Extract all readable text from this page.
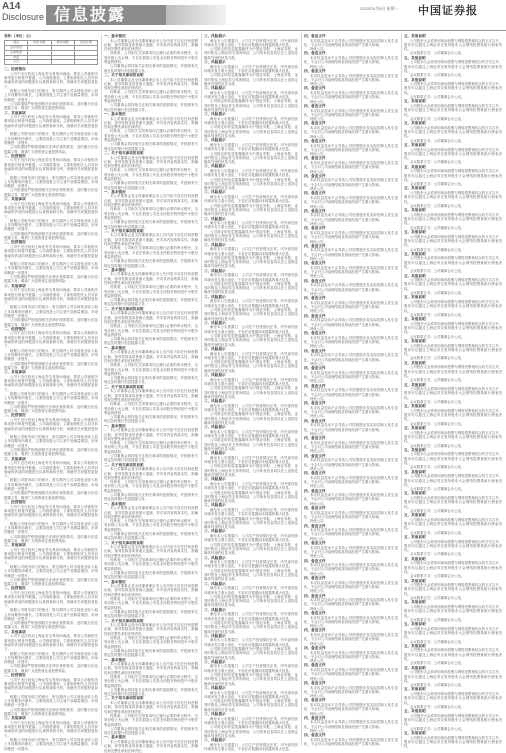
A14
Disclosure 信息披露	2023年6月5日 星期一 中国证券报
表格：(单位：元)
项目	期末余额	期初余额	变动比例
货币资金			
应收账款			
存货			
合计			

二、经营情况

公司于近日收到上海证券交易所问询函，要求公司就相关事项进行核查并披露。公司高度重视，立即组织相关人员对问询函所涉及的问题进行认真核查和分析，现就有关问题回复如下。

根据公司财务部门的统计，报告期内公司实现营业收入较上年同期有所增长，主要原因是公司主营产品销量增加，市场份额进一步提升。

公司将继续严格按照相关法律法规的要求，及时履行信息披露义务，敬请广大投资者注意投资风险。

三、其他事项

公司于近日收到上海证券交易所问询函，要求公司就相关事项进行核查并披露。公司高度重视，立即组织相关人员对问询函所涉及的问题进行认真核查和分析，现就有关问题回复如下。

根据公司财务部门的统计，报告期内公司实现营业收入较上年同期有所增长，主要原因是公司主营产品销量增加，市场份额进一步提升。

公司将继续严格按照相关法律法规的要求，及时履行信息披露义务，敬请广大投资者注意投资风险。

二、经营情况

公司于近日收到上海证券交易所问询函，要求公司就相关事项进行核查并披露。公司高度重视，立即组织相关人员对问询函所涉及的问题进行认真核查和分析，现就有关问题回复如下。

根据公司财务部门的统计，报告期内公司实现营业收入较上年同期有所增长，主要原因是公司主营产品销量增加，市场份额进一步提升。

公司将继续严格按照相关法律法规的要求，及时履行信息披露义务，敬请广大投资者注意投资风险。

三、其他事项

公司于近日收到上海证券交易所问询函，要求公司就相关事项进行核查并披露。公司高度重视，立即组织相关人员对问询函所涉及的问题进行认真核查和分析，现就有关问题回复如下。

根据公司财务部门的统计，报告期内公司实现营业收入较上年同期有所增长，主要原因是公司主营产品销量增加，市场份额进一步提升。

公司将继续严格按照相关法律法规的要求，及时履行信息披露义务，敬请广大投资者注意投资风险。

二、经营情况

公司于近日收到上海证券交易所问询函，要求公司就相关事项进行核查并披露。公司高度重视，立即组织相关人员对问询函所涉及的问题进行认真核查和分析，现就有关问题回复如下。

根据公司财务部门的统计，报告期内公司实现营业收入较上年同期有所增长，主要原因是公司主营产品销量增加，市场份额进一步提升。

公司将继续严格按照相关法律法规的要求，及时履行信息披露义务，敬请广大投资者注意投资风险。

三、其他事项

公司于近日收到上海证券交易所问询函，要求公司就相关事项进行核查并披露。公司高度重视，立即组织相关人员对问询函所涉及的问题进行认真核查和分析，现就有关问题回复如下。

根据公司财务部门的统计，报告期内公司实现营业收入较上年同期有所增长，主要原因是公司主营产品销量增加，市场份额进一步提升。

公司将继续严格按照相关法律法规的要求，及时履行信息披露义务，敬请广大投资者注意投资风险。

二、经营情况

公司于近日收到上海证券交易所问询函，要求公司就相关事项进行核查并披露。公司高度重视，立即组织相关人员对问询函所涉及的问题进行认真核查和分析，现就有关问题回复如下。

根据公司财务部门的统计，报告期内公司实现营业收入较上年同期有所增长，主要原因是公司主营产品销量增加，市场份额进一步提升。

公司将继续严格按照相关法律法规的要求，及时履行信息披露义务，敬请广大投资者注意投资风险。

三、其他事项

公司于近日收到上海证券交易所问询函，要求公司就相关事项进行核查并披露。公司高度重视，立即组织相关人员对问询函所涉及的问题进行认真核查和分析，现就有关问题回复如下。

根据公司财务部门的统计，报告期内公司实现营业收入较上年同期有所增长，主要原因是公司主营产品销量增加，市场份额进一步提升。

公司将继续严格按照相关法律法规的要求，及时履行信息披露义务，敬请广大投资者注意投资风险。

二、经营情况

公司于近日收到上海证券交易所问询函，要求公司就相关事项进行核查并披露。公司高度重视，立即组织相关人员对问询函所涉及的问题进行认真核查和分析，现就有关问题回复如下。

根据公司财务部门的统计，报告期内公司实现营业收入较上年同期有所增长，主要原因是公司主营产品销量增加，市场份额进一步提升。

公司将继续严格按照相关法律法规的要求，及时履行信息披露义务，敬请广大投资者注意投资风险。

三、其他事项

公司于近日收到上海证券交易所问询函，要求公司就相关事项进行核查并披露。公司高度重视，立即组织相关人员对问询函所涉及的问题进行认真核查和分析，现就有关问题回复如下。

根据公司财务部门的统计，报告期内公司实现营业收入较上年同期有所增长，主要原因是公司主营产品销量增加，市场份额进一步提升。

公司将继续严格按照相关法律法规的要求，及时履行信息披露义务，敬请广大投资者注意投资风险。

二、经营情况

公司于近日收到上海证券交易所问询函，要求公司就相关事项进行核查并披露。公司高度重视，立即组织相关人员对问询函所涉及的问题进行认真核查和分析，现就有关问题回复如下。

根据公司财务部门的统计，报告期内公司实现营业收入较上年同期有所增长，主要原因是公司主营产品销量增加，市场份额进一步提升。

公司将继续严格按照相关法律法规的要求，及时履行信息披露义务，敬请广大投资者注意投资风险。

三、其他事项

公司于近日收到上海证券交易所问询函，要求公司就相关事项进行核查并披露。公司高度重视，立即组织相关人员对问询函所涉及的问题进行认真核查和分析，现就有关问题回复如下。

根据公司财务部门的统计，报告期内公司实现营业收入较上年同期有所增长，主要原因是公司主营产品销量增加，市场份额进一步提升。

公司将继续严格按照相关法律法规的要求，及时履行信息披露义务，敬请广大投资者注意投资风险。

二、经营情况

公司于近日收到上海证券交易所问询函，要求公司就相关事项进行核查并披露。公司高度重视，立即组织相关人员对问询函所涉及的问题进行认真核查和分析，现就有关问题回复如下。

根据公司财务部门的统计，报告期内公司实现营业收入较上年同期有所增长，主要原因是公司主营产品销量增加，市场份额进一步提升。

公司将继续严格按照相关法律法规的要求，及时履行信息披露义务，敬请广大投资者注意投资风险。

三、其他事项

公司于近日收到上海证券交易所问询函，要求公司就相关事项进行核查并披露。公司高度重视，立即组织相关人员对问询函所涉及的问题进行认真核查和分析，现就有关问题回复如下。

根据公司财务部门的统计，报告期内公司实现营业收入较上年同期有所增长，主要原因是公司主营产品销量增加，市场份额进一步提升。

公司将继续严格按照相关法律法规的要求，及时履行信息披露义务，敬请广大投资者注意投资风险。

二、经营情况

公司于近日收到上海证券交易所问询函，要求公司就相关事项进行核查并披露。公司高度重视，立即组织相关人员对问询函所涉及的问题进行认真核查和分析，现就有关问题回复如下。

根据公司财务部门的统计，报告期内公司实现营业收入较上年同期有所增长，主要原因是公司主营产品销量增加，市场份额进一步提升。

公司将继续严格按照相关法律法规的要求，及时履行信息披露义务，敬请广大投资者注意投资风险。

三、其他事项

公司于近日收到上海证券交易所问询函，要求公司就相关事项进行核查并披露。公司高度重视，立即组织相关人员对问询函所涉及的问题进行认真核查和分析，现就有关问题回复如下。

根据公司财务部门的统计，报告期内公司实现营业收入较上年同期有所增长，主要原因是公司主营产品销量增加，市场份额进一步提升。

一、基本情况

本公司董事会及全体董事保证本公告内容不存在任何虚假记载、误导性陈述或者重大遗漏，并对其内容的真实性、准确性和完整性承担法律责任。

经核查，公司相关交易事项均已履行必要的审议程序，交易价格公允合理，不存在损害公司及全体股东特别是中小股东利益的情形。

公司董事会将持续关注相关事项的进展情况，并按照有关规定及时履行信息披露义务。

二、关于相关事项的说明

本公司董事会及全体董事保证本公告内容不存在任何虚假记载、误导性陈述或者重大遗漏，并对其内容的真实性、准确性和完整性承担法律责任。

经核查，公司相关交易事项均已履行必要的审议程序，交易价格公允合理，不存在损害公司及全体股东特别是中小股东利益的情形。

公司董事会将持续关注相关事项的进展情况，并按照有关规定及时履行信息披露义务。

一、基本情况

本公司董事会及全体董事保证本公告内容不存在任何虚假记载、误导性陈述或者重大遗漏，并对其内容的真实性、准确性和完整性承担法律责任。

经核查，公司相关交易事项均已履行必要的审议程序，交易价格公允合理，不存在损害公司及全体股东特别是中小股东利益的情形。

公司董事会将持续关注相关事项的进展情况，并按照有关规定及时履行信息披露义务。

二、关于相关事项的说明

本公司董事会及全体董事保证本公告内容不存在任何虚假记载、误导性陈述或者重大遗漏，并对其内容的真实性、准确性和完整性承担法律责任。

经核查，公司相关交易事项均已履行必要的审议程序，交易价格公允合理，不存在损害公司及全体股东特别是中小股东利益的情形。

公司董事会将持续关注相关事项的进展情况，并按照有关规定及时履行信息披露义务。

一、基本情况

本公司董事会及全体董事保证本公告内容不存在任何虚假记载、误导性陈述或者重大遗漏，并对其内容的真实性、准确性和完整性承担法律责任。

经核查，公司相关交易事项均已履行必要的审议程序，交易价格公允合理，不存在损害公司及全体股东特别是中小股东利益的情形。

公司董事会将持续关注相关事项的进展情况，并按照有关规定及时履行信息披露义务。

二、关于相关事项的说明

本公司董事会及全体董事保证本公告内容不存在任何虚假记载、误导性陈述或者重大遗漏，并对其内容的真实性、准确性和完整性承担法律责任。

经核查，公司相关交易事项均已履行必要的审议程序，交易价格公允合理，不存在损害公司及全体股东特别是中小股东利益的情形。

公司董事会将持续关注相关事项的进展情况，并按照有关规定及时履行信息披露义务。

一、基本情况

本公司董事会及全体董事保证本公告内容不存在任何虚假记载、误导性陈述或者重大遗漏，并对其内容的真实性、准确性和完整性承担法律责任。

经核查，公司相关交易事项均已履行必要的审议程序，交易价格公允合理，不存在损害公司及全体股东特别是中小股东利益的情形。

公司董事会将持续关注相关事项的进展情况，并按照有关规定及时履行信息披露义务。

二、关于相关事项的说明

本公司董事会及全体董事保证本公告内容不存在任何虚假记载、误导性陈述或者重大遗漏，并对其内容的真实性、准确性和完整性承担法律责任。

经核查，公司相关交易事项均已履行必要的审议程序，交易价格公允合理，不存在损害公司及全体股东特别是中小股东利益的情形。

公司董事会将持续关注相关事项的进展情况，并按照有关规定及时履行信息披露义务。

一、基本情况

本公司董事会及全体董事保证本公告内容不存在任何虚假记载、误导性陈述或者重大遗漏，并对其内容的真实性、准确性和完整性承担法律责任。

经核查，公司相关交易事项均已履行必要的审议程序，交易价格公允合理，不存在损害公司及全体股东特别是中小股东利益的情形。

公司董事会将持续关注相关事项的进展情况，并按照有关规定及时履行信息披露义务。

二、关于相关事项的说明

本公司董事会及全体董事保证本公告内容不存在任何虚假记载、误导性陈述或者重大遗漏，并对其内容的真实性、准确性和完整性承担法律责任。

经核查，公司相关交易事项均已履行必要的审议程序，交易价格公允合理，不存在损害公司及全体股东特别是中小股东利益的情形。

公司董事会将持续关注相关事项的进展情况，并按照有关规定及时履行信息披露义务。

一、基本情况

本公司董事会及全体董事保证本公告内容不存在任何虚假记载、误导性陈述或者重大遗漏，并对其内容的真实性、准确性和完整性承担法律责任。

经核查，公司相关交易事项均已履行必要的审议程序，交易价格公允合理，不存在损害公司及全体股东特别是中小股东利益的情形。

公司董事会将持续关注相关事项的进展情况，并按照有关规定及时履行信息披露义务。

二、关于相关事项的说明

本公司董事会及全体董事保证本公告内容不存在任何虚假记载、误导性陈述或者重大遗漏，并对其内容的真实性、准确性和完整性承担法律责任。

经核查，公司相关交易事项均已履行必要的审议程序，交易价格公允合理，不存在损害公司及全体股东特别是中小股东利益的情形。

公司董事会将持续关注相关事项的进展情况，并按照有关规定及时履行信息披露义务。

一、基本情况

本公司董事会及全体董事保证本公告内容不存在任何虚假记载、误导性陈述或者重大遗漏，并对其内容的真实性、准确性和完整性承担法律责任。

经核查，公司相关交易事项均已履行必要的审议程序，交易价格公允合理，不存在损害公司及全体股东特别是中小股东利益的情形。

公司董事会将持续关注相关事项的进展情况，并按照有关规定及时履行信息披露义务。

二、关于相关事项的说明

本公司董事会及全体董事保证本公告内容不存在任何虚假记载、误导性陈述或者重大遗漏，并对其内容的真实性、准确性和完整性承担法律责任。

经核查，公司相关交易事项均已履行必要的审议程序，交易价格公允合理，不存在损害公司及全体股东特别是中小股东利益的情形。

公司董事会将持续关注相关事项的进展情况，并按照有关规定及时履行信息披露义务。

一、基本情况

本公司董事会及全体董事保证本公告内容不存在任何虚假记载、误导性陈述或者重大遗漏，并对其内容的真实性、准确性和完整性承担法律责任。

经核查，公司相关交易事项均已履行必要的审议程序，交易价格公允合理，不存在损害公司及全体股东特别是中小股东利益的情形。

公司董事会将持续关注相关事项的进展情况，并按照有关规定及时履行信息披露义务。

二、关于相关事项的说明

本公司董事会及全体董事保证本公告内容不存在任何虚假记载、误导性陈述或者重大遗漏，并对其内容的真实性、准确性和完整性承担法律责任。

经核查，公司相关交易事项均已履行必要的审议程序，交易价格公允合理，不存在损害公司及全体股东特别是中小股东利益的情形。

公司董事会将持续关注相关事项的进展情况，并按照有关规定及时履行信息披露义务。

一、基本情况

本公司董事会及全体董事保证本公告内容不存在任何虚假记载、误导性陈述或者重大遗漏，并对其内容的真实性、准确性和完整性承担法律责任。

经核查，公司相关交易事项均已履行必要的审议程序，交易价格公允合理，不存在损害公司及全体股东特别是中小股东利益的情形。

公司董事会将持续关注相关事项的进展情况，并按照有关规定及时履行信息披露义务。

二、关于相关事项的说明

本公司董事会及全体董事保证本公告内容不存在任何虚假记载、误导性陈述或者重大遗漏，并对其内容的真实性、准确性和完整性承担法律责任。

经核查，公司相关交易事项均已履行必要的审议程序，交易价格公允合理，不存在损害公司及全体股东特别是中小股东利益的情形。

公司董事会将持续关注相关事项的进展情况，并按照有关规定及时履行信息披露义务。

一、基本情况

本公司董事会及全体董事保证本公告内容不存在任何虚假记载、误导性陈述或者重大遗漏，并对其内容的真实性、准确性和完整性承担法律责任。

三、风险提示

截至本公告披露日，公司生产经营情况正常，内外部经营环境未发生重大变化，不存在应披露而未披露的重大信息。

公司指定的信息披露媒体为中国证券报、上海证券报、证券时报及上海证券交易所网站，公司所有信息均以在上述指定媒体刊登的信息为准。

三、风险提示

截至本公告披露日，公司生产经营情况正常，内外部经营环境未发生重大变化，不存在应披露而未披露的重大信息。

公司指定的信息披露媒体为中国证券报、上海证券报、证券时报及上海证券交易所网站，公司所有信息均以在上述指定媒体刊登的信息为准。

三、风险提示

截至本公告披露日，公司生产经营情况正常，内外部经营环境未发生重大变化，不存在应披露而未披露的重大信息。

公司指定的信息披露媒体为中国证券报、上海证券报、证券时报及上海证券交易所网站，公司所有信息均以在上述指定媒体刊登的信息为准。

三、风险提示

截至本公告披露日，公司生产经营情况正常，内外部经营环境未发生重大变化，不存在应披露而未披露的重大信息。

公司指定的信息披露媒体为中国证券报、上海证券报、证券时报及上海证券交易所网站，公司所有信息均以在上述指定媒体刊登的信息为准。

三、风险提示

截至本公告披露日，公司生产经营情况正常，内外部经营环境未发生重大变化，不存在应披露而未披露的重大信息。

公司指定的信息披露媒体为中国证券报、上海证券报、证券时报及上海证券交易所网站，公司所有信息均以在上述指定媒体刊登的信息为准。

三、风险提示

截至本公告披露日，公司生产经营情况正常，内外部经营环境未发生重大变化，不存在应披露而未披露的重大信息。

公司指定的信息披露媒体为中国证券报、上海证券报、证券时报及上海证券交易所网站，公司所有信息均以在上述指定媒体刊登的信息为准。

三、风险提示

截至本公告披露日，公司生产经营情况正常，内外部经营环境未发生重大变化，不存在应披露而未披露的重大信息。

公司指定的信息披露媒体为中国证券报、上海证券报、证券时报及上海证券交易所网站，公司所有信息均以在上述指定媒体刊登的信息为准。

三、风险提示

截至本公告披露日，公司生产经营情况正常，内外部经营环境未发生重大变化，不存在应披露而未披露的重大信息。

公司指定的信息披露媒体为中国证券报、上海证券报、证券时报及上海证券交易所网站，公司所有信息均以在上述指定媒体刊登的信息为准。

三、风险提示

截至本公告披露日，公司生产经营情况正常，内外部经营环境未发生重大变化，不存在应披露而未披露的重大信息。

公司指定的信息披露媒体为中国证券报、上海证券报、证券时报及上海证券交易所网站，公司所有信息均以在上述指定媒体刊登的信息为准。

三、风险提示

截至本公告披露日，公司生产经营情况正常，内外部经营环境未发生重大变化，不存在应披露而未披露的重大信息。

公司指定的信息披露媒体为中国证券报、上海证券报、证券时报及上海证券交易所网站，公司所有信息均以在上述指定媒体刊登的信息为准。

三、风险提示

截至本公告披露日，公司生产经营情况正常，内外部经营环境未发生重大变化，不存在应披露而未披露的重大信息。

公司指定的信息披露媒体为中国证券报、上海证券报、证券时报及上海证券交易所网站，公司所有信息均以在上述指定媒体刊登的信息为准。

三、风险提示

截至本公告披露日，公司生产经营情况正常，内外部经营环境未发生重大变化，不存在应披露而未披露的重大信息。

公司指定的信息披露媒体为中国证券报、上海证券报、证券时报及上海证券交易所网站，公司所有信息均以在上述指定媒体刊登的信息为准。

三、风险提示

截至本公告披露日，公司生产经营情况正常，内外部经营环境未发生重大变化，不存在应披露而未披露的重大信息。

公司指定的信息披露媒体为中国证券报、上海证券报、证券时报及上海证券交易所网站，公司所有信息均以在上述指定媒体刊登的信息为准。

三、风险提示

截至本公告披露日，公司生产经营情况正常，内外部经营环境未发生重大变化，不存在应披露而未披露的重大信息。

公司指定的信息披露媒体为中国证券报、上海证券报、证券时报及上海证券交易所网站，公司所有信息均以在上述指定媒体刊登的信息为准。

三、风险提示

截至本公告披露日，公司生产经营情况正常，内外部经营环境未发生重大变化，不存在应披露而未披露的重大信息。

公司指定的信息披露媒体为中国证券报、上海证券报、证券时报及上海证券交易所网站，公司所有信息均以在上述指定媒体刊登的信息为准。

三、风险提示

截至本公告披露日，公司生产经营情况正常，内外部经营环境未发生重大变化，不存在应披露而未披露的重大信息。

公司指定的信息披露媒体为中国证券报、上海证券报、证券时报及上海证券交易所网站，公司所有信息均以在上述指定媒体刊登的信息为准。

三、风险提示

截至本公告披露日，公司生产经营情况正常，内外部经营环境未发生重大变化，不存在应披露而未披露的重大信息。

公司指定的信息披露媒体为中国证券报、上海证券报、证券时报及上海证券交易所网站，公司所有信息均以在上述指定媒体刊登的信息为准。

三、风险提示

截至本公告披露日，公司生产经营情况正常，内外部经营环境未发生重大变化，不存在应披露而未披露的重大信息。

公司指定的信息披露媒体为中国证券报、上海证券报、证券时报及上海证券交易所网站，公司所有信息均以在上述指定媒体刊登的信息为准。

三、风险提示

截至本公告披露日，公司生产经营情况正常，内外部经营环境未发生重大变化，不存在应披露而未披露的重大信息。

公司指定的信息披露媒体为中国证券报、上海证券报、证券时报及上海证券交易所网站，公司所有信息均以在上述指定媒体刊登的信息为准。

三、风险提示

截至本公告披露日，公司生产经营情况正常，内外部经营环境未发生重大变化，不存在应披露而未披露的重大信息。

公司指定的信息披露媒体为中国证券报、上海证券报、证券时报及上海证券交易所网站，公司所有信息均以在上述指定媒体刊登的信息为准。

三、风险提示

截至本公告披露日，公司生产经营情况正常，内外部经营环境未发生重大变化，不存在应披露而未披露的重大信息。

公司指定的信息披露媒体为中国证券报、上海证券报、证券时报及上海证券交易所网站，公司所有信息均以在上述指定媒体刊登的信息为准。

三、风险提示

截至本公告披露日，公司生产经营情况正常，内外部经营环境未发生重大变化，不存在应披露而未披露的重大信息。

公司指定的信息披露媒体为中国证券报、上海证券报、证券时报及上海证券交易所网站，公司所有信息均以在上述指定媒体刊登的信息为准。

三、风险提示

截至本公告披露日，公司生产经营情况正常，内外部经营环境未发生重大变化，不存在应披露而未披露的重大信息。

公司指定的信息披露媒体为中国证券报、上海证券报、证券时报及上海证券交易所网站，公司所有信息均以在上述指定媒体刊登的信息为准。

三、风险提示

截至本公告披露日，公司生产经营情况正常，内外部经营环境未发生重大变化，不存在应披露而未披露的重大信息。

公司指定的信息披露媒体为中国证券报、上海证券报、证券时报及上海证券交易所网站，公司所有信息均以在上述指定媒体刊登的信息为准。

三、风险提示

截至本公告披露日，公司生产经营情况正常，内外部经营环境未发生重大变化，不存在应披露而未披露的重大信息。

公司指定的信息披露媒体为中国证券报、上海证券报、证券时报及上海证券交易所网站，公司所有信息均以在上述指定媒体刊登的信息为准。

三、风险提示

截至本公告披露日，公司生产经营情况正常，内外部经营环境未发生重大变化，不存在应披露而未披露的重大信息。

公司指定的信息披露媒体为中国证券报、上海证券报、证券时报及上海证券交易所网站，公司所有信息均以在上述指定媒体刊登的信息为准。

三、风险提示

截至本公告披露日，公司生产经营情况正常，内外部经营环境未发生重大变化，不存在应披露而未披露的重大信息。

公司指定的信息披露媒体为中国证券报、上海证券报、证券时报及上海证券交易所网站，公司所有信息均以在上述指定媒体刊登的信息为准。

三、风险提示

截至本公告披露日，公司生产经营情况正常，内外部经营环境未发生重大变化，不存在应披露而未披露的重大信息。

四、备查文件

本次权益变动不会导致公司控股股东及实际控制人发生变化，不会对公司治理结构及持续经营产生重大影响。

特此公告。

四、备查文件

本次权益变动不会导致公司控股股东及实际控制人发生变化，不会对公司治理结构及持续经营产生重大影响。

特此公告。

四、备查文件

本次权益变动不会导致公司控股股东及实际控制人发生变化，不会对公司治理结构及持续经营产生重大影响。

特此公告。

四、备查文件

本次权益变动不会导致公司控股股东及实际控制人发生变化，不会对公司治理结构及持续经营产生重大影响。

特此公告。

四、备查文件

本次权益变动不会导致公司控股股东及实际控制人发生变化，不会对公司治理结构及持续经营产生重大影响。

特此公告。

四、备查文件

本次权益变动不会导致公司控股股东及实际控制人发生变化，不会对公司治理结构及持续经营产生重大影响。

特此公告。

四、备查文件

本次权益变动不会导致公司控股股东及实际控制人发生变化，不会对公司治理结构及持续经营产生重大影响。

特此公告。

四、备查文件

本次权益变动不会导致公司控股股东及实际控制人发生变化，不会对公司治理结构及持续经营产生重大影响。

特此公告。

四、备查文件

本次权益变动不会导致公司控股股东及实际控制人发生变化，不会对公司治理结构及持续经营产生重大影响。

特此公告。

四、备查文件

本次权益变动不会导致公司控股股东及实际控制人发生变化，不会对公司治理结构及持续经营产生重大影响。

特此公告。

四、备查文件

本次权益变动不会导致公司控股股东及实际控制人发生变化，不会对公司治理结构及持续经营产生重大影响。

特此公告。

四、备查文件

本次权益变动不会导致公司控股股东及实际控制人发生变化，不会对公司治理结构及持续经营产生重大影响。

特此公告。

四、备查文件

本次权益变动不会导致公司控股股东及实际控制人发生变化，不会对公司治理结构及持续经营产生重大影响。

特此公告。

四、备查文件

本次权益变动不会导致公司控股股东及实际控制人发生变化，不会对公司治理结构及持续经营产生重大影响。

特此公告。

四、备查文件

本次权益变动不会导致公司控股股东及实际控制人发生变化，不会对公司治理结构及持续经营产生重大影响。

特此公告。

四、备查文件

本次权益变动不会导致公司控股股东及实际控制人发生变化，不会对公司治理结构及持续经营产生重大影响。

特此公告。

四、备查文件

本次权益变动不会导致公司控股股东及实际控制人发生变化，不会对公司治理结构及持续经营产生重大影响。

特此公告。

四、备查文件

本次权益变动不会导致公司控股股东及实际控制人发生变化，不会对公司治理结构及持续经营产生重大影响。

特此公告。

四、备查文件

本次权益变动不会导致公司控股股东及实际控制人发生变化，不会对公司治理结构及持续经营产生重大影响。

特此公告。

四、备查文件

本次权益变动不会导致公司控股股东及实际控制人发生变化，不会对公司治理结构及持续经营产生重大影响。

特此公告。

四、备查文件

本次权益变动不会导致公司控股股东及实际控制人发生变化，不会对公司治理结构及持续经营产生重大影响。

特此公告。

四、备查文件

本次权益变动不会导致公司控股股东及实际控制人发生变化，不会对公司治理结构及持续经营产生重大影响。

特此公告。

四、备查文件

本次权益变动不会导致公司控股股东及实际控制人发生变化，不会对公司治理结构及持续经营产生重大影响。

特此公告。

四、备查文件

本次权益变动不会导致公司控股股东及实际控制人发生变化，不会对公司治理结构及持续经营产生重大影响。

特此公告。

四、备查文件

本次权益变动不会导致公司控股股东及实际控制人发生变化，不会对公司治理结构及持续经营产生重大影响。

特此公告。

四、备查文件

本次权益变动不会导致公司控股股东及实际控制人发生变化，不会对公司治理结构及持续经营产生重大影响。

特此公告。

四、备查文件

本次权益变动不会导致公司控股股东及实际控制人发生变化，不会对公司治理结构及持续经营产生重大影响。

特此公告。

四、备查文件

本次权益变动不会导致公司控股股东及实际控制人发生变化，不会对公司治理结构及持续经营产生重大影响。

特此公告。

四、备查文件

本次权益变动不会导致公司控股股东及实际控制人发生变化，不会对公司治理结构及持续经营产生重大影响。

特此公告。

四、备查文件

本次权益变动不会导致公司控股股东及实际控制人发生变化，不会对公司治理结构及持续经营产生重大影响。

特此公告。

四、备查文件

本次权益变动不会导致公司控股股东及实际控制人发生变化，不会对公司治理结构及持续经营产生重大影响。

特此公告。

四、备查文件

本次权益变动不会导致公司控股股东及实际控制人发生变化，不会对公司治理结构及持续经营产生重大影响。

特此公告。

四、备查文件

本次权益变动不会导致公司控股股东及实际控制人发生变化，不会对公司治理结构及持续经营产生重大影响。

特此公告。

四、备查文件

本次权益变动不会导致公司控股股东及实际控制人发生变化，不会对公司治理结构及持续经营产生重大影响。

特此公告。

四、备查文件

本次权益变动不会导致公司控股股东及实际控制人发生变化，不会对公司治理结构及持续经营产生重大影响。

特此公告。

四、备查文件

本次权益变动不会导致公司控股股东及实际控制人发生变化，不会对公司治理结构及持续经营产生重大影响。

特此公告。

四、备查文件

本次权益变动不会导致公司控股股东及实际控制人发生变化，不会对公司治理结构及持续经营产生重大影响。

特此公告。

四、备查文件

本次权益变动不会导致公司控股股东及实际控制人发生变化，不会对公司治理结构及持续经营产生重大影响。

特此公告。

四、备查文件

本次权益变动不会导致公司控股股东及实际控制人发生变化，不会对公司治理结构及持续经营产生重大影响。

特此公告。

四、备查文件

本次权益变动不会导致公司控股股东及实际控制人发生变化，不会对公司治理结构及持续经营产生重大影响。

特此公告。

四、备查文件

本次权益变动不会导致公司控股股东及实际控制人发生变化，不会对公司治理结构及持续经营产生重大影响。

五、其他说明

公司股东大会将采用现场投票与网络投票相结合的方式召开，股东可以通过上海证券交易所股东大会网络投票系统行使表决权。

会议联系方式：公司董事会办公室。

五、其他说明

公司股东大会将采用现场投票与网络投票相结合的方式召开，股东可以通过上海证券交易所股东大会网络投票系统行使表决权。

会议联系方式：公司董事会办公室。

五、其他说明

公司股东大会将采用现场投票与网络投票相结合的方式召开，股东可以通过上海证券交易所股东大会网络投票系统行使表决权。

会议联系方式：公司董事会办公室。

五、其他说明

公司股东大会将采用现场投票与网络投票相结合的方式召开，股东可以通过上海证券交易所股东大会网络投票系统行使表决权。

会议联系方式：公司董事会办公室。

五、其他说明

公司股东大会将采用现场投票与网络投票相结合的方式召开，股东可以通过上海证券交易所股东大会网络投票系统行使表决权。

会议联系方式：公司董事会办公室。

五、其他说明

公司股东大会将采用现场投票与网络投票相结合的方式召开，股东可以通过上海证券交易所股东大会网络投票系统行使表决权。

会议联系方式：公司董事会办公室。

五、其他说明

公司股东大会将采用现场投票与网络投票相结合的方式召开，股东可以通过上海证券交易所股东大会网络投票系统行使表决权。

会议联系方式：公司董事会办公室。

五、其他说明

公司股东大会将采用现场投票与网络投票相结合的方式召开，股东可以通过上海证券交易所股东大会网络投票系统行使表决权。

会议联系方式：公司董事会办公室。

五、其他说明

公司股东大会将采用现场投票与网络投票相结合的方式召开，股东可以通过上海证券交易所股东大会网络投票系统行使表决权。

会议联系方式：公司董事会办公室。

五、其他说明

公司股东大会将采用现场投票与网络投票相结合的方式召开，股东可以通过上海证券交易所股东大会网络投票系统行使表决权。

会议联系方式：公司董事会办公室。

五、其他说明

公司股东大会将采用现场投票与网络投票相结合的方式召开，股东可以通过上海证券交易所股东大会网络投票系统行使表决权。

会议联系方式：公司董事会办公室。

五、其他说明

公司股东大会将采用现场投票与网络投票相结合的方式召开，股东可以通过上海证券交易所股东大会网络投票系统行使表决权。

会议联系方式：公司董事会办公室。

五、其他说明

公司股东大会将采用现场投票与网络投票相结合的方式召开，股东可以通过上海证券交易所股东大会网络投票系统行使表决权。

会议联系方式：公司董事会办公室。

五、其他说明

公司股东大会将采用现场投票与网络投票相结合的方式召开，股东可以通过上海证券交易所股东大会网络投票系统行使表决权。

会议联系方式：公司董事会办公室。

五、其他说明

公司股东大会将采用现场投票与网络投票相结合的方式召开，股东可以通过上海证券交易所股东大会网络投票系统行使表决权。

会议联系方式：公司董事会办公室。

五、其他说明

公司股东大会将采用现场投票与网络投票相结合的方式召开，股东可以通过上海证券交易所股东大会网络投票系统行使表决权。

会议联系方式：公司董事会办公室。

五、其他说明

公司股东大会将采用现场投票与网络投票相结合的方式召开，股东可以通过上海证券交易所股东大会网络投票系统行使表决权。

会议联系方式：公司董事会办公室。

五、其他说明

公司股东大会将采用现场投票与网络投票相结合的方式召开，股东可以通过上海证券交易所股东大会网络投票系统行使表决权。

会议联系方式：公司董事会办公室。

五、其他说明

公司股东大会将采用现场投票与网络投票相结合的方式召开，股东可以通过上海证券交易所股东大会网络投票系统行使表决权。

会议联系方式：公司董事会办公室。

五、其他说明

公司股东大会将采用现场投票与网络投票相结合的方式召开，股东可以通过上海证券交易所股东大会网络投票系统行使表决权。

会议联系方式：公司董事会办公室。

五、其他说明

公司股东大会将采用现场投票与网络投票相结合的方式召开，股东可以通过上海证券交易所股东大会网络投票系统行使表决权。

会议联系方式：公司董事会办公室。

五、其他说明

公司股东大会将采用现场投票与网络投票相结合的方式召开，股东可以通过上海证券交易所股东大会网络投票系统行使表决权。

会议联系方式：公司董事会办公室。

五、其他说明

公司股东大会将采用现场投票与网络投票相结合的方式召开，股东可以通过上海证券交易所股东大会网络投票系统行使表决权。

会议联系方式：公司董事会办公室。

五、其他说明

公司股东大会将采用现场投票与网络投票相结合的方式召开，股东可以通过上海证券交易所股东大会网络投票系统行使表决权。

会议联系方式：公司董事会办公室。

五、其他说明

公司股东大会将采用现场投票与网络投票相结合的方式召开，股东可以通过上海证券交易所股东大会网络投票系统行使表决权。

会议联系方式：公司董事会办公室。

五、其他说明

公司股东大会将采用现场投票与网络投票相结合的方式召开，股东可以通过上海证券交易所股东大会网络投票系统行使表决权。

会议联系方式：公司董事会办公室。

五、其他说明

公司股东大会将采用现场投票与网络投票相结合的方式召开，股东可以通过上海证券交易所股东大会网络投票系统行使表决权。

会议联系方式：公司董事会办公室。

五、其他说明

公司股东大会将采用现场投票与网络投票相结合的方式召开，股东可以通过上海证券交易所股东大会网络投票系统行使表决权。

会议联系方式：公司董事会办公室。

五、其他说明

公司股东大会将采用现场投票与网络投票相结合的方式召开，股东可以通过上海证券交易所股东大会网络投票系统行使表决权。

会议联系方式：公司董事会办公室。

五、其他说明

公司股东大会将采用现场投票与网络投票相结合的方式召开，股东可以通过上海证券交易所股东大会网络投票系统行使表决权。

会议联系方式：公司董事会办公室。

五、其他说明

公司股东大会将采用现场投票与网络投票相结合的方式召开，股东可以通过上海证券交易所股东大会网络投票系统行使表决权。

会议联系方式：公司董事会办公室。

五、其他说明

公司股东大会将采用现场投票与网络投票相结合的方式召开，股东可以通过上海证券交易所股东大会网络投票系统行使表决权。

会议联系方式：公司董事会办公室。

五、其他说明

公司股东大会将采用现场投票与网络投票相结合的方式召开，股东可以通过上海证券交易所股东大会网络投票系统行使表决权。
